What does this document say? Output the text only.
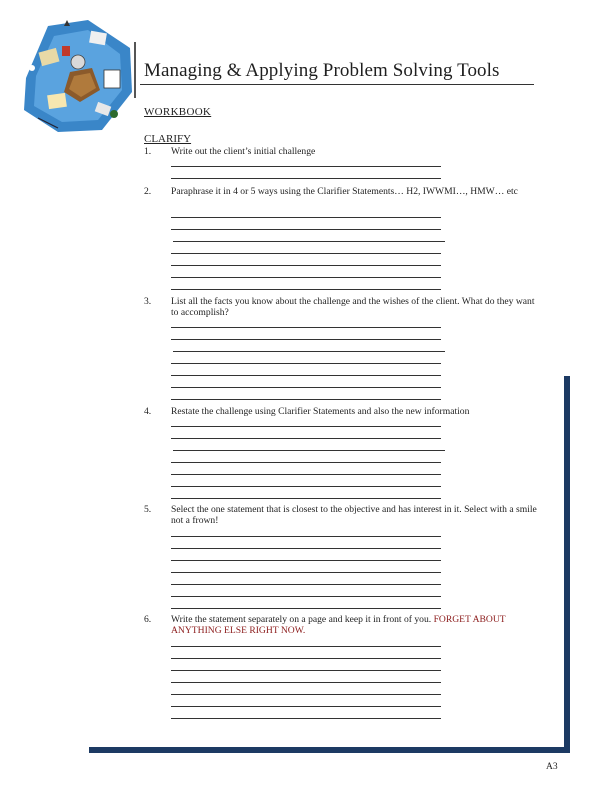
Managing & Applying Problem Solving Tools
WORKBOOK
CLARIFY
1. Write out the client’s initial challenge
2. Paraphrase it in 4 or 5 ways using the Clarifier Statements… H2, IWWMI…, HMW… etc
3. List all the facts you know about the challenge and the wishes of the client. What do they want to accomplish?
4. Restate the challenge using Clarifier Statements and also the new information
5. Select the one statement that is closest to the objective and has interest in it. Select with a smile not a frown!
6. Write the statement separately on a page and keep it in front of you. FORGET ABOUT ANYTHING ELSE RIGHT NOW.
A3
